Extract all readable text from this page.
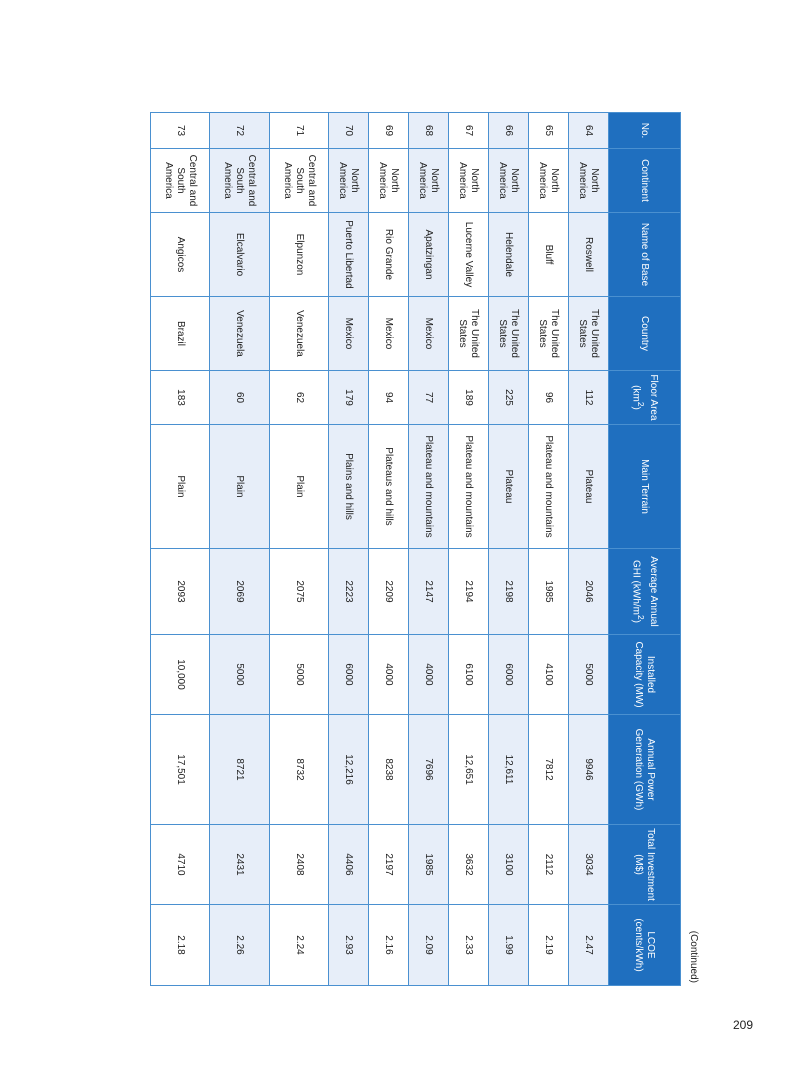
(Continued)
No.	Continent	Name of Base	Country	Floor Area $(km^2)$	Main Terrain	Average Annual GHI $(kWh/m^2)$	Installed Capacity (MW)	Annual Power Generation (GWh)	Total Investment (M$)	LCOE (cents/kWh)
64	North America	Roswell	The United States	112	Plateau	2046	5000	9946	3034	2.47
65	North America	Bluff	The United States	96	Plateau and mountains	1985	4100	7812	2112	2.19
66	North America	Helendale	The United States	225	Plateau	2198	6000	12,611	3100	1.99
67	North America	Lucerne Valley	The United States	189	Plateau and mountains	2194	6100	12,651	3632	2.33
68	North America	Apatzingan	Mexico	77	Plateau and mountains	2147	4000	7696	1985	2.09
69	North America	Rio Grande	Mexico	94	Plateaus and hills	2209	4000	8238	2197	2.16
70	North America	Puerto Libertad	Mexico	179	Plains and hills	2223	6000	12,216	4406	2.93
71	Central and South America	Elpunzon	Venezuela	62	Plain	2075	5000	8732	2408	2.24
72	Central and South America	Elcalvario	Venezuela	60	Plain	2069	5000	8721	2431	2.26
73	Central and South America	Angicos	Brazil	183	Plain	2093	10,000	17,501	4710	2.18
209
